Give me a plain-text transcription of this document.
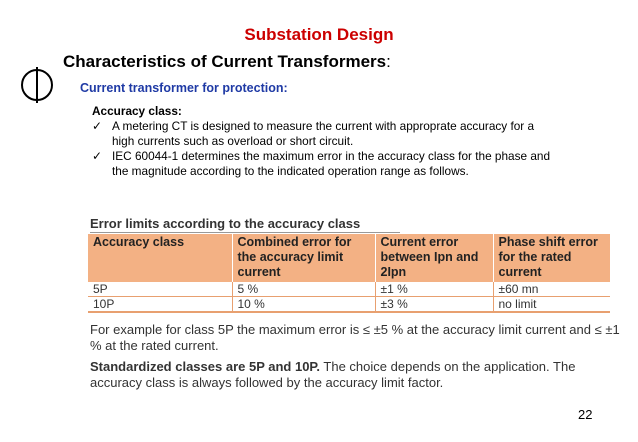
Substation Design
Characteristics of Current Transformers:
Current transformer for protection:
Accuracy class:
✓ A metering CT is designed to measure the current with approprate accuracy for a high currents such as overload or short circuit.
✓ IEC 60044-1 determines the maximum error in the accuracy class for the phase and the magnitude according to the indicated operation range as follows.
Error limits according to the accuracy class
Accuracy class	Combined error for the accuracy limit current	Current error between Ipn and 2Ipn	Phase shift error for the rated current
5P	5 %	±1 %	±60 mn
10P	10 %	±3 %	no limit
For example for class 5P the maximum error is ≤ ±5 % at the accuracy limit current and ≤ ±1 % at the rated current.
Standardized classes are 5P and 10P. The choice depends on the application. The accuracy class is always followed by the accuracy limit factor.
22
